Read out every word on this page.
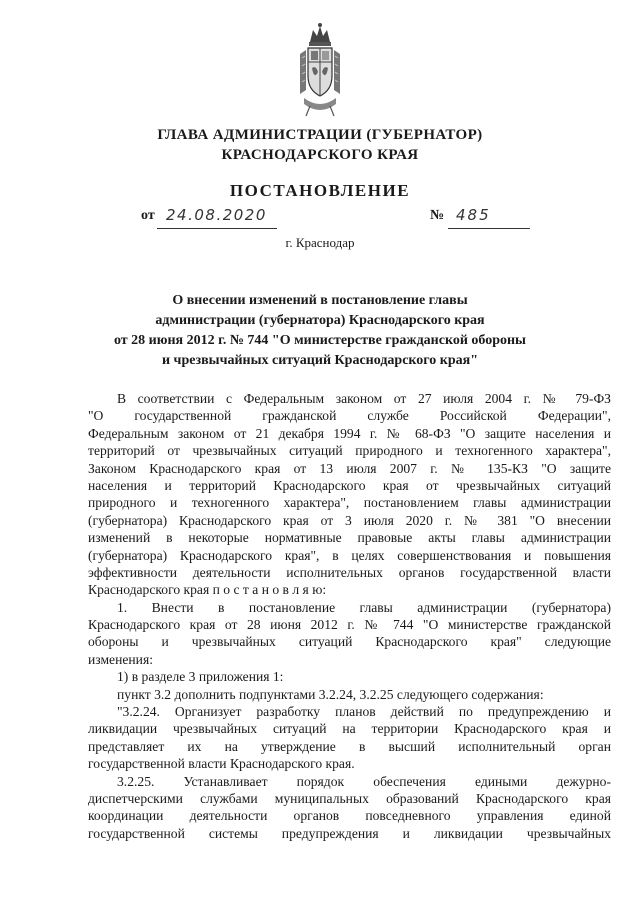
ГЛАВА АДМИНИСТРАЦИИ (ГУБЕРНАТОР)
КРАСНОДАРСКОГО КРАЯ
ПОСТАНОВЛЕНИЕ
от 24.08.2020	№ 485
г. Краснодар
О внесении изменений в постановление главы
администрации (губернатора) Краснодарского края
от 28 июня 2012 г. № 744 "О министерстве гражданской обороны
и чрезвычайных ситуаций Краснодарского края"
В соответствии с Федеральным законом от 27 июля 2004 г. № 79-ФЗ
"О государственной гражданской службе Российской Федерации",
Федеральным законом от 21 декабря 1994 г. № 68-ФЗ "О защите населения и
территорий от чрезвычайных ситуаций природного и техногенного характера",
Законом Краснодарского края от 13 июля 2007 г. № 135-КЗ "О защите
населения и территорий Краснодарского края от чрезвычайных ситуаций
природного и техногенного характера", постановлением главы администрации
(губернатора) Краснодарского края от 3 июля 2020 г. № 381 "О внесении
изменений в некоторые нормативные правовые акты главы администрации
(губернатора) Краснодарского края", в целях совершенствования и повышения
эффективности деятельности исполнительных органов государственной власти
Краснодарского края п о с т а н о в л я ю:
1. Внести в постановление главы администрации (губернатора)
Краснодарского края от 28 июня 2012 г. № 744 "О министерстве гражданской
обороны и чрезвычайных ситуаций Краснодарского края" следующие
изменения:
1) в разделе 3 приложения 1:
пункт 3.2 дополнить подпунктами 3.2.24, 3.2.25 следующего содержания:
"3.2.24. Организует разработку планов действий по предупреждению и
ликвидации чрезвычайных ситуаций на территории Краснодарского края и
представляет их на утверждение в высший исполнительный орган
государственной власти Краснодарского края.
3.2.25. Устанавливает порядок обеспечения едиными дежурно-
диспетчерскими службами муниципальных образований Краснодарского края
координации деятельности органов повседневного управления единой
государственной системы предупреждения и ликвидации чрезвычайных
